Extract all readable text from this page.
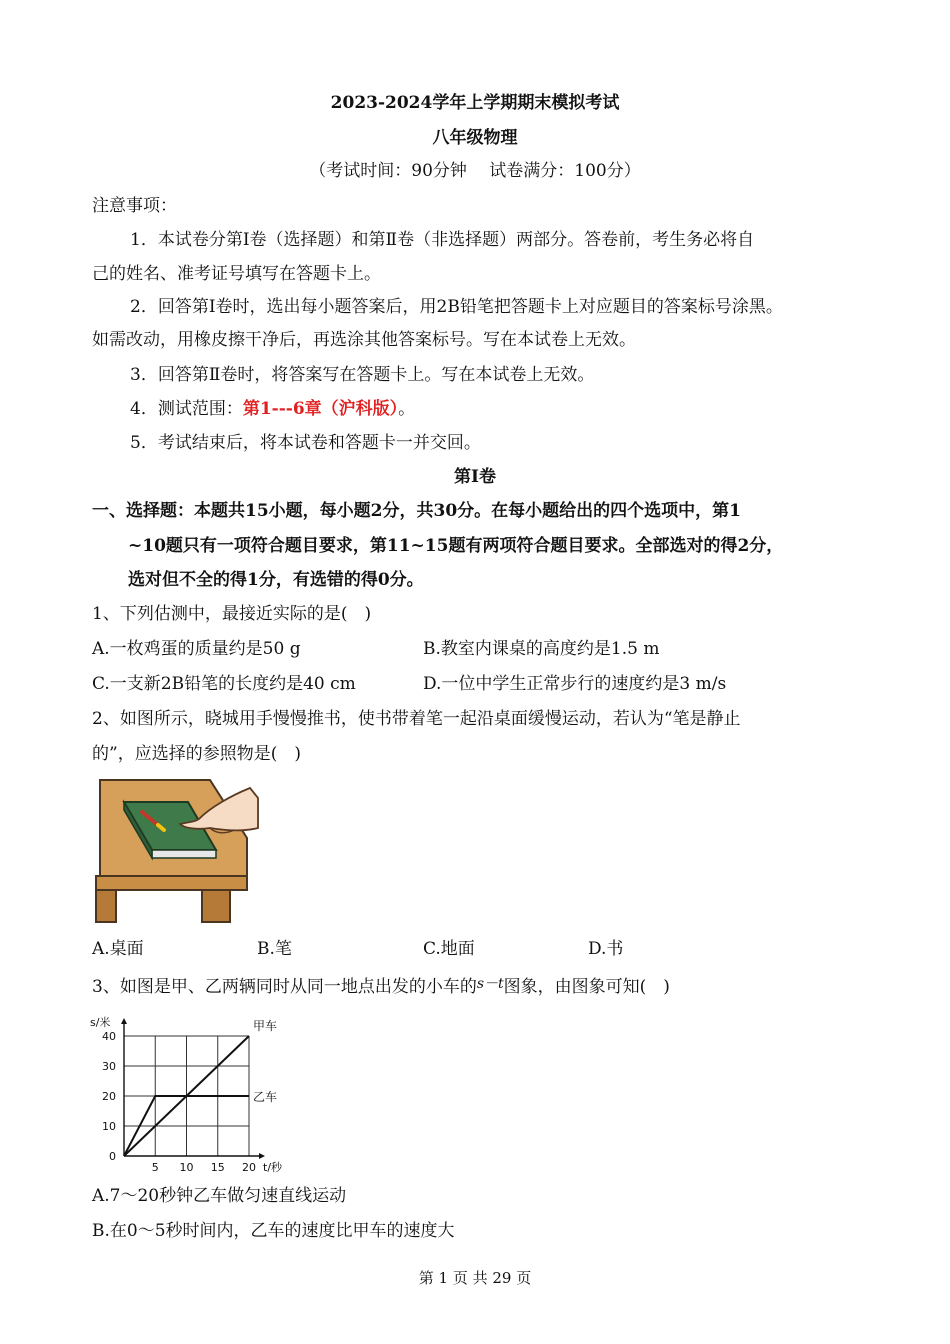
2023-2024学年上学期期末模拟考试
八年级物理
（考试时间：90分钟　 试卷满分：100分）
注意事项：
1．本试卷分第Ⅰ卷（选择题）和第Ⅱ卷（非选择题）两部分。答卷前，考生务必将自
己的姓名、准考证号填写在答题卡上。
2．回答第Ⅰ卷时，选出每小题答案后，用2B铅笔把答题卡上对应题目的答案标号涂黑。
如需改动，用橡皮擦干净后，再选涂其他答案标号。写在本试卷上无效。
3．回答第Ⅱ卷时，将答案写在答题卡上。写在本试卷上无效。
4．测试范围：第1---6章（沪科版）。
5．考试结束后，将本试卷和答题卡一并交回。
第Ⅰ卷
一、选择题：本题共15小题，每小题2分，共30分。在每小题给出的四个选项中，第1
~10题只有一项符合题目要求，第11~15题有两项符合题目要求。全部选对的得2分，
选对但不全的得1分，有选错的得0分。
1、下列估测中，最接近实际的是(　)
A.一枚鸡蛋的质量约是50 g	B.教室内课桌的高度约是1.5 m
C.一支新2B铅笔的长度约是40 cm	D.一位中学生正常步行的速度约是3 m/s
2、如图所示，晓城用手慢慢推书，使书带着笔一起沿桌面缓慢运动，若认为“笔是静止
的”，应选择的参照物是(　)
A.桌面	B.笔	C.地面	D.书
3、如图是甲、乙两辆同时从同一地点出发的小车的$^{s-t}$图象，由图象可知(　)
甲车
乙车
5 10 15 20
0
10
20
30
40
t/秒
s/米
A.7～20秒钟乙车做匀速直线运动
B.在0～5秒时间内，乙车的速度比甲车的速度大
第 1 页 共 29 页
